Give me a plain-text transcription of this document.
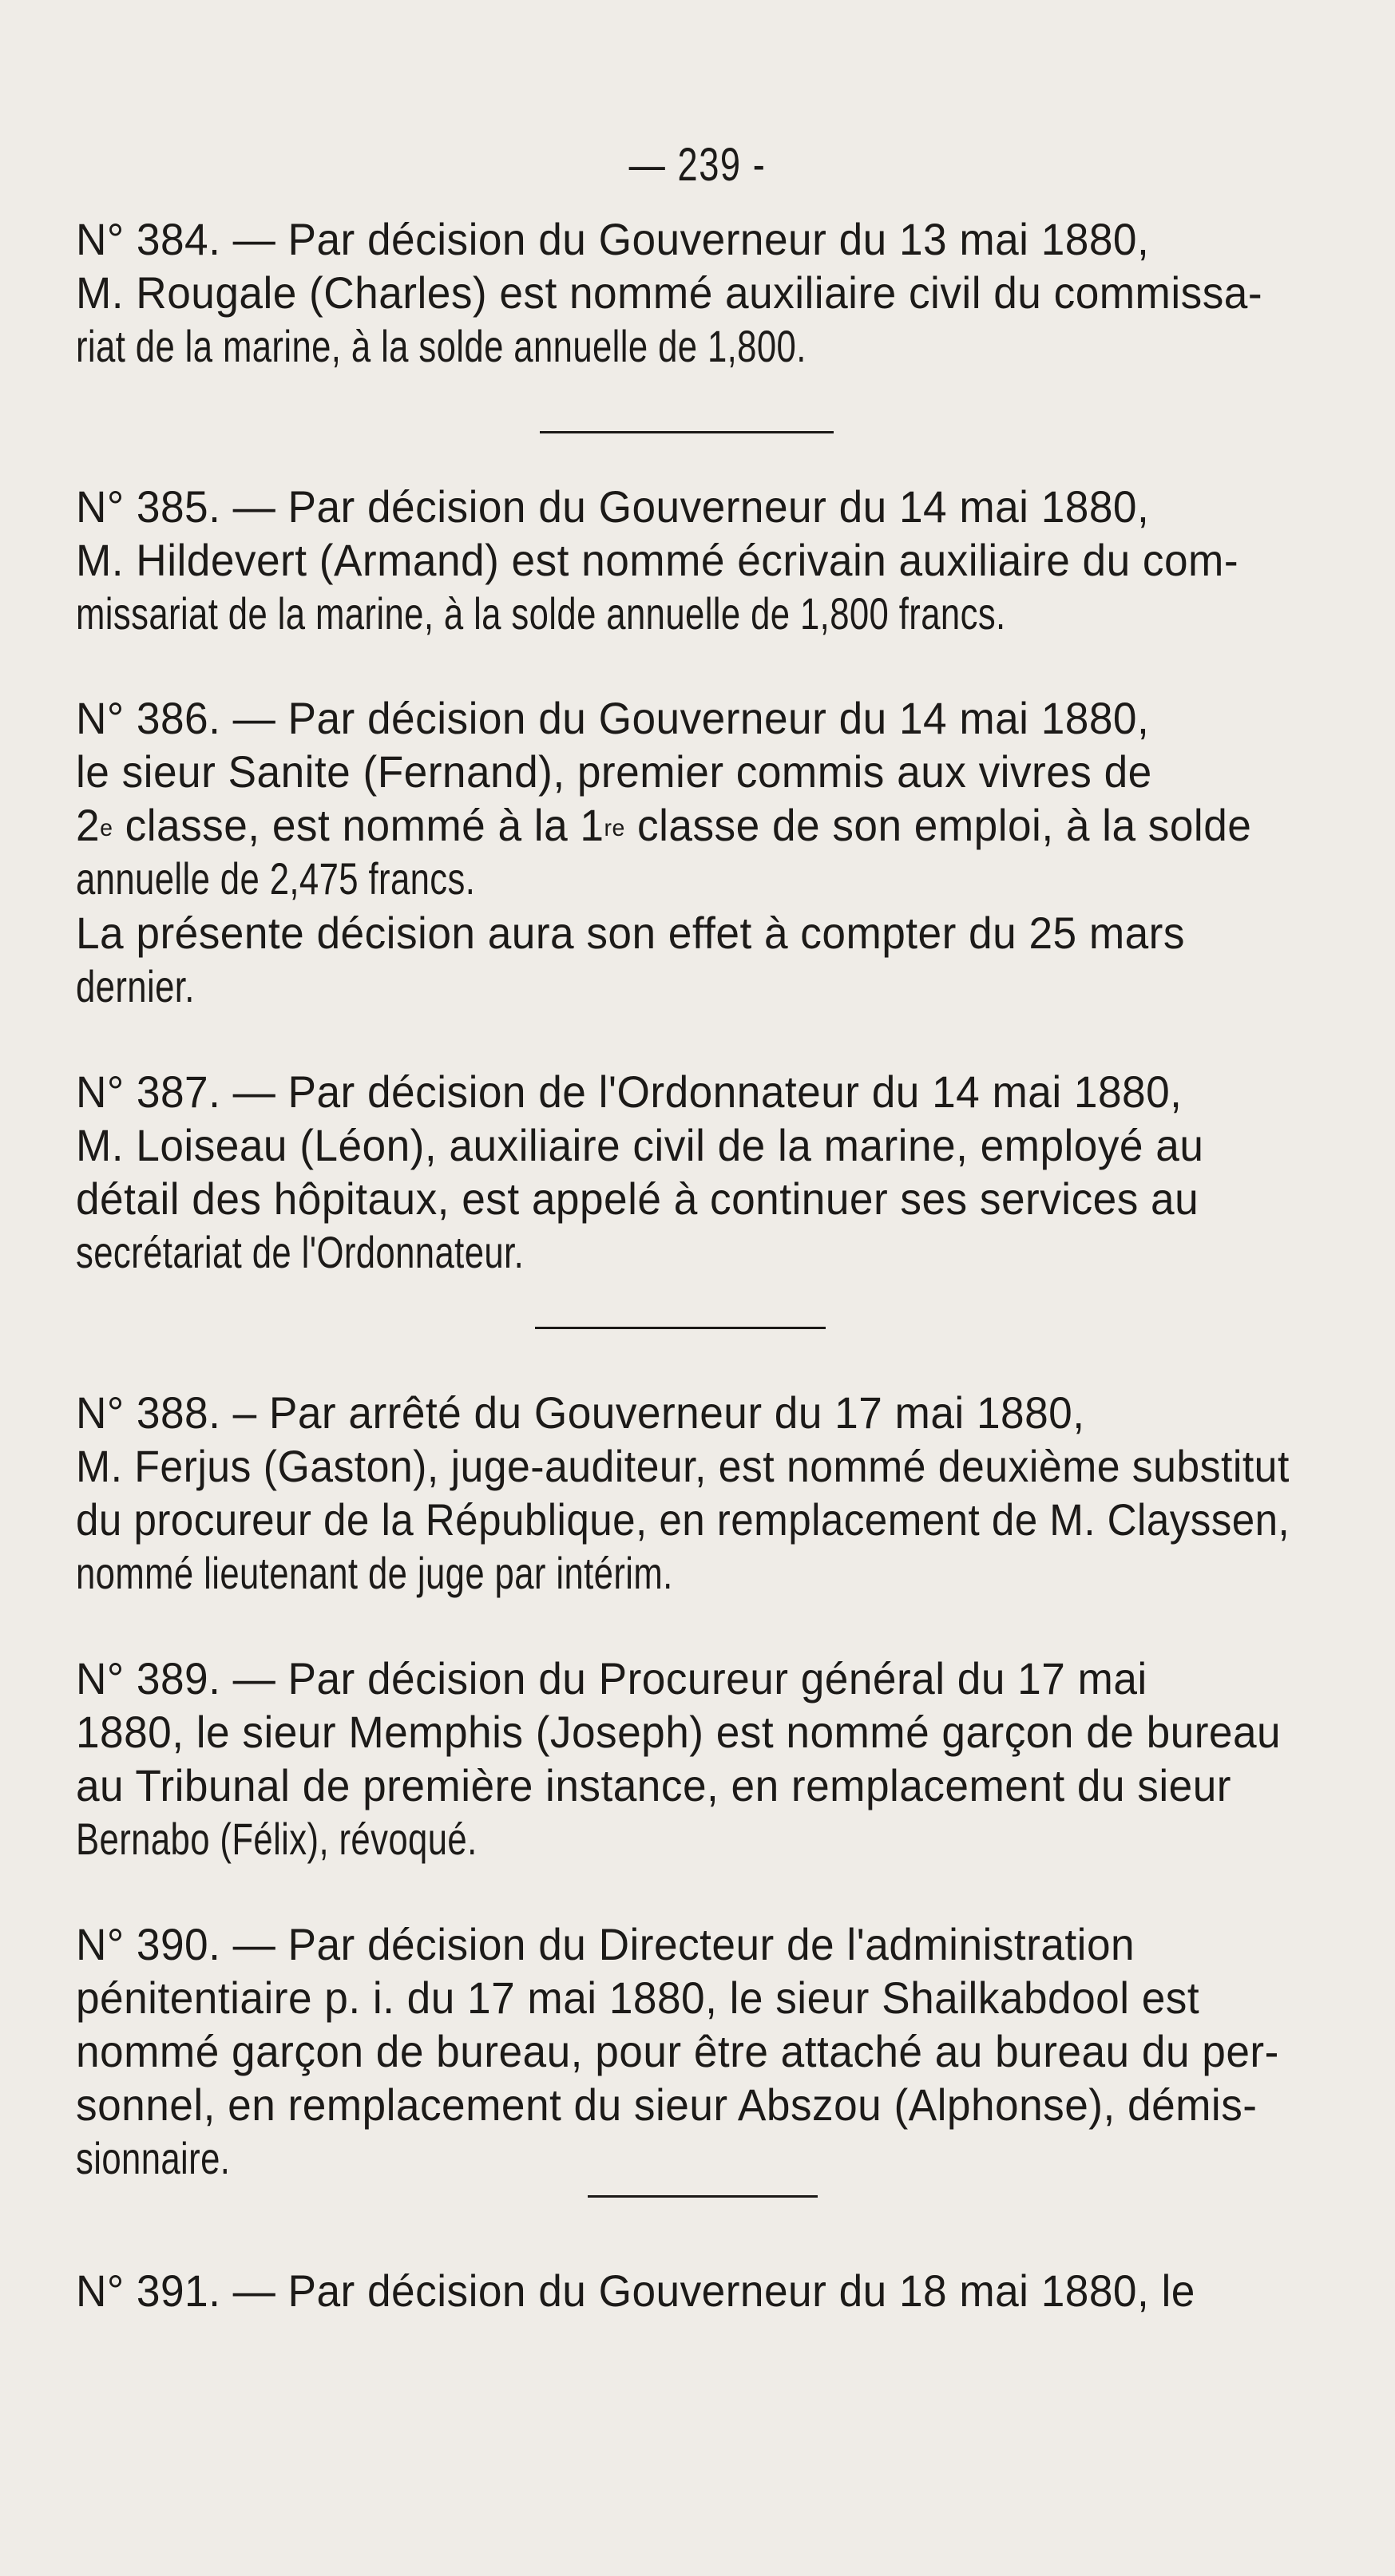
— 239 -
N° 384. — Par décision du Gouverneur du 13 mai 1880,
M. Rougale (Charles) est nommé auxiliaire civil du commissa-
riat de la marine, à la solde annuelle de 1,800.
N° 385. — Par décision du Gouverneur du 14 mai 1880,
M. Hildevert (Armand) est nommé écrivain auxiliaire du com-
missariat de la marine, à la solde annuelle de 1,800 francs.
N° 386. — Par décision du Gouverneur du 14 mai 1880,
le sieur Sanite (Fernand), premier commis aux vivres de
2e classe, est nommé à la 1re classe de son emploi, à la solde
annuelle de 2,475 francs.
La présente décision aura son effet à compter du 25 mars
dernier.
N° 387. — Par décision de l'Ordonnateur du 14 mai 1880,
M. Loiseau (Léon), auxiliaire civil de la marine, employé au
détail des hôpitaux, est appelé à continuer ses services au
secrétariat de l'Ordonnateur.
N° 388. – Par arrêté du Gouverneur du 17 mai 1880,
M. Ferjus (Gaston), juge-auditeur, est nommé deuxième substitut
du procureur de la République, en remplacement de M. Clayssen,
nommé lieutenant de juge par intérim.
N° 389. — Par décision du Procureur général du 17 mai
1880, le sieur Memphis (Joseph) est nommé garçon de bureau
au Tribunal de première instance, en remplacement du sieur
Bernabo (Félix), révoqué.
N° 390. — Par décision du Directeur de l'administration
pénitentiaire p. i. du 17 mai 1880, le sieur Shailkabdool est
nommé garçon de bureau, pour être attaché au bureau du per-
sonnel, en remplacement du sieur Abszou (Alphonse), démis-
sionnaire.
N° 391. — Par décision du Gouverneur du 18 mai 1880, le
